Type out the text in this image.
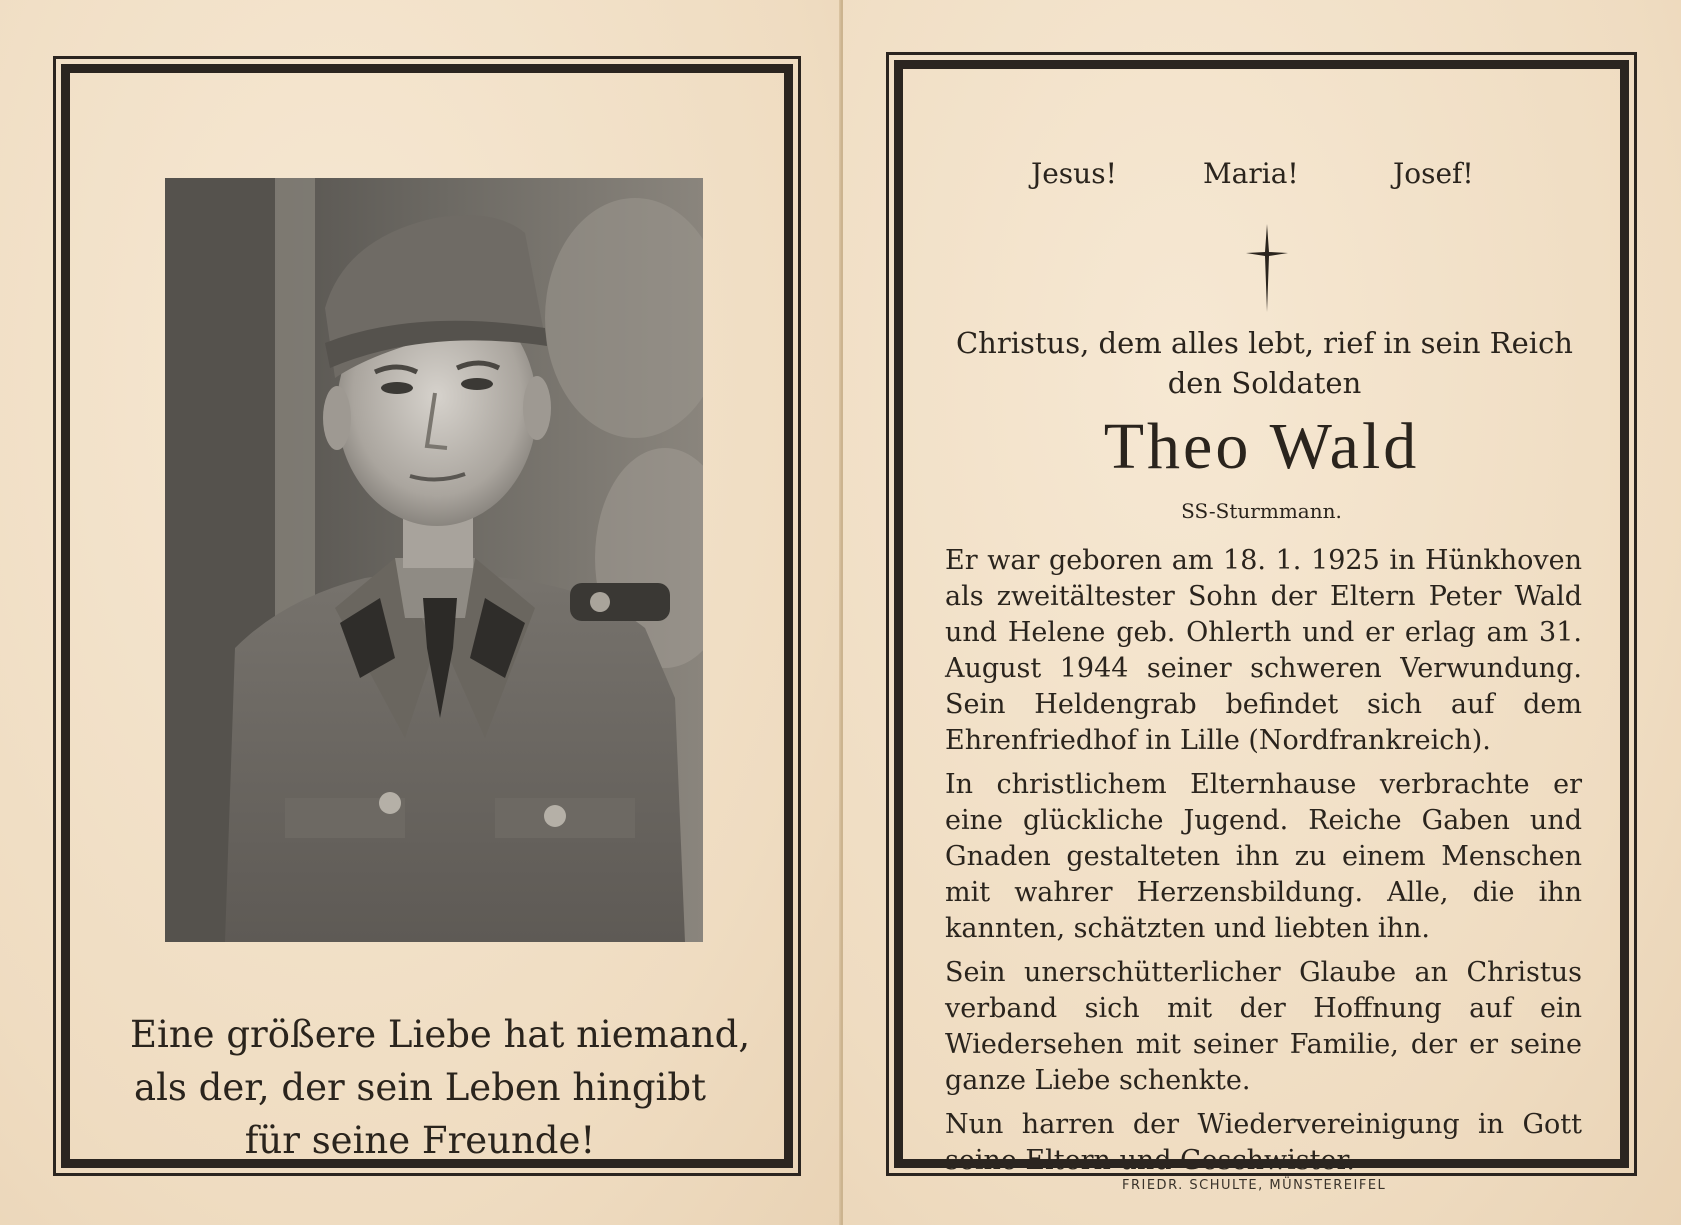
Eine größere Liebe hat niemand,
als der, der sein Leben hingibt
für seine Freunde!
Jesus!	Maria!	Josef!
Christus, dem alles lebt, rief in sein Reich
den Soldaten
Theo Wald
SS-Sturmmann.

Er war geboren am 18. 1. 1925 in Hünkhoven als zweitältester Sohn der Eltern Peter Wald und Helene geb. Ohlerth und er erlag am 31. August 1944 seiner schweren Verwundung. Sein Heldengrab befindet sich auf dem Ehrenfriedhof in Lille (Nordfrankreich).

In christlichem Elternhause verbrachte er eine glückliche Jugend. Reiche Gaben und Gnaden gestalteten ihn zu einem Menschen mit wahrer Herzensbildung. Alle, die ihn kannten, schätzten und liebten ihn.

Sein unerschütterlicher Glaube an Christus verband sich mit der Hoffnung auf ein Wiedersehen mit seiner Familie, der er seine ganze Liebe schenkte.

Nun harren der Wiedervereinigung in Gott seine Eltern und Geschwister.

FRIEDR. SCHULTE, MÜNSTEREIFEL
